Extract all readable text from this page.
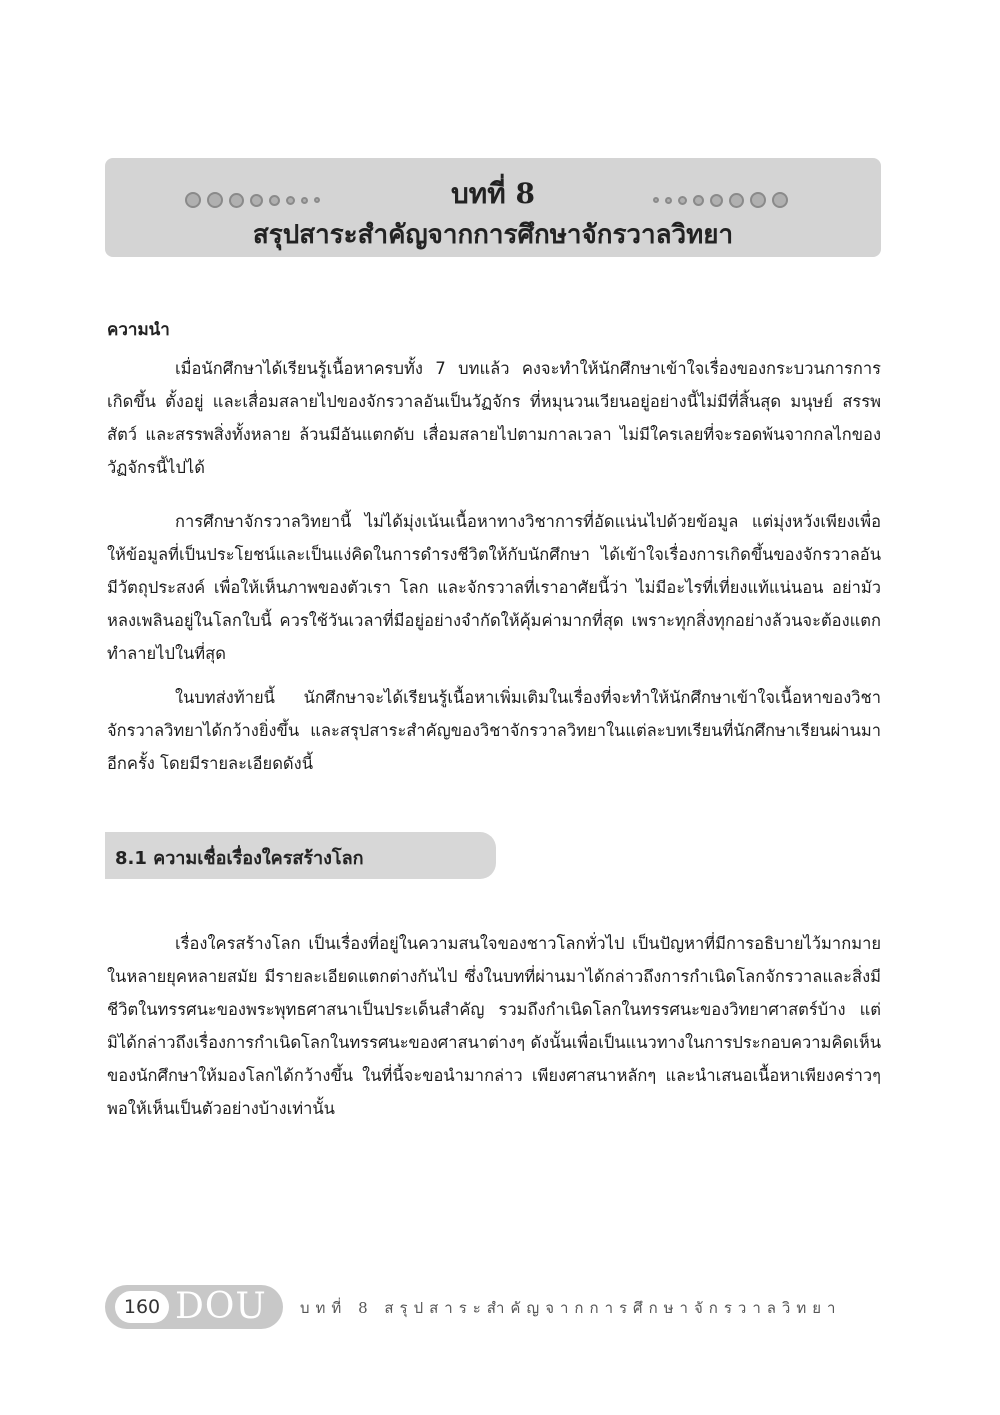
บทที่ 8
สรุปสาระสำคัญจากการศึกษาจักรวาลวิทยา
ความนำ

เมื่อนักศึกษาได้เรียนรู้เนื้อหาครบทั้ง 7 บทแล้ว คงจะทำให้นักศึกษาเข้าใจเรื่องของกระบวนการการเกิดขึ้น ตั้งอยู่ และเสื่อมสลายไปของจักรวาลอันเป็นวัฏจักร ที่หมุนวนเวียนอยู่อย่างนี้ไม่มีที่สิ้นสุด มนุษย์ สรรพสัตว์ และสรรพสิ่งทั้งหลาย ล้วนมีอันแตกดับ เสื่อมสลายไปตามกาลเวลา ไม่มีใครเลยที่จะรอดพ้นจากกลไกของวัฏจักรนี้ไปได้

การศึกษาจักรวาลวิทยานี้ ไม่ได้มุ่งเน้นเนื้อหาทางวิชาการที่อัดแน่นไปด้วยข้อมูล แต่มุ่งหวังเพียงเพื่อให้ข้อมูลที่เป็นประโยชน์และเป็นแง่คิดในการดำรงชีวิตให้กับนักศึกษา ได้เข้าใจเรื่องการเกิดขึ้นของจักรวาลอันมีวัตถุประสงค์ เพื่อให้เห็นภาพของตัวเรา โลก และจักรวาลที่เราอาศัยนี้ว่า ไม่มีอะไรที่เที่ยงแท้แน่นอน อย่ามัวหลงเพลินอยู่ในโลกใบนี้ ควรใช้วันเวลาที่มีอยู่อย่างจำกัดให้คุ้มค่ามากที่สุด เพราะทุกสิ่งทุกอย่างล้วนจะต้องแตกทำลายไปในที่สุด

ในบทส่งท้ายนี้ นักศึกษาจะได้เรียนรู้เนื้อหาเพิ่มเติมในเรื่องที่จะทำให้นักศึกษาเข้าใจเนื้อหาของวิชาจักรวาลวิทยาได้กว้างยิ่งขึ้น และสรุปสาระสำคัญของวิชาจักรวาลวิทยาในแต่ละบทเรียนที่นักศึกษาเรียนผ่านมาอีกครั้ง โดยมีรายละเอียดดังนี้

8.1 ความเชื่อเรื่องใครสร้างโลก

เรื่องใครสร้างโลก เป็นเรื่องที่อยู่ในความสนใจของชาวโลกทั่วไป เป็นปัญหาที่มีการอธิบายไว้มากมายในหลายยุคหลายสมัย มีรายละเอียดแตกต่างกันไป ซึ่งในบทที่ผ่านมาได้กล่าวถึงการกำเนิดโลกจักรวาลและสิ่งมีชีวิตในทรรศนะของพระพุทธศาสนาเป็นประเด็นสำคัญ รวมถึงกำเนิดโลกในทรรศนะของวิทยาศาสตร์บ้าง แต่มิได้กล่าวถึงเรื่องการกำเนิดโลกในทรรศนะของศาสนาต่างๆ ดังนั้นเพื่อเป็นแนวทางในการประกอบความคิดเห็นของนักศึกษาให้มองโลกได้กว้างขึ้น ในที่นี้จะขอนำมากล่าว เพียงศาสนาหลักๆ และนำเสนอเนื้อหาเพียงคร่าวๆ พอให้เห็นเป็นตัวอย่างบ้างเท่านั้น

160 DOU บทที่ 8 สรุปสาระสำคัญจากการศึกษาจักรวาลวิทยา
